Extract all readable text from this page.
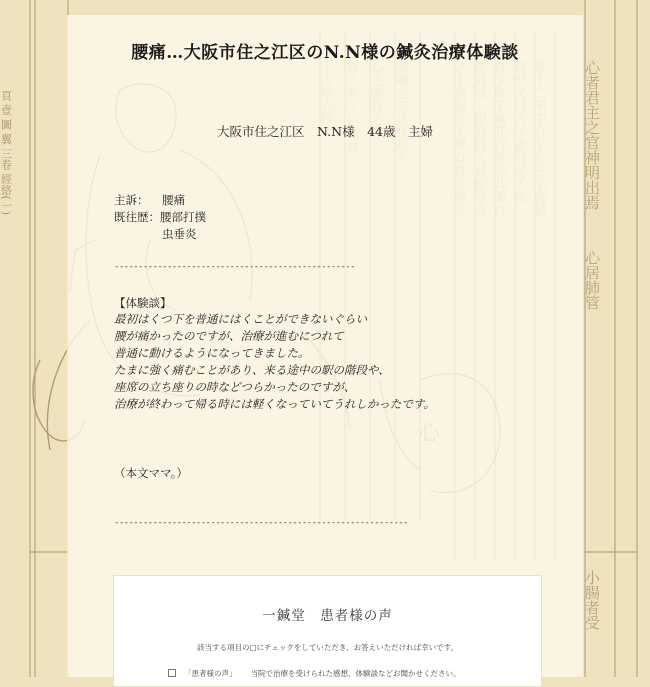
心者君主之官神明出焉
心居肺管
小腸者受
頁 壹 圖 翼 三卷 經絡(一)
腰痛…大阪市住之江区のN.N様の鍼灸治療体験談
大阪市住之江区　N.N様　44歳　主婦
主訴： 腰痛
既往歴：腰部打撲
虫垂炎
--------------------------------------------------
【体験談】
最初はくつ下を普通にはくことができないぐらい
腰が痛かったのですが、治療が進むにつれて
普通に動けるようになってきました。
たまに強く痛むことがあり、来る途中の駅の階段や、
座席の立ち座りの時などつらかったのですが、
治療が終わって帰る時には軽くなっていてうれしかったです。
（本文ママ。）
-------------------------------------------------------------
一鍼堂　患者様の声
該当する項目の□にチェックをしていただき、お答えいただければ幸いです。
「患者様の声」 当院で治療を受けられた感想、体験談などお聞かせください。
